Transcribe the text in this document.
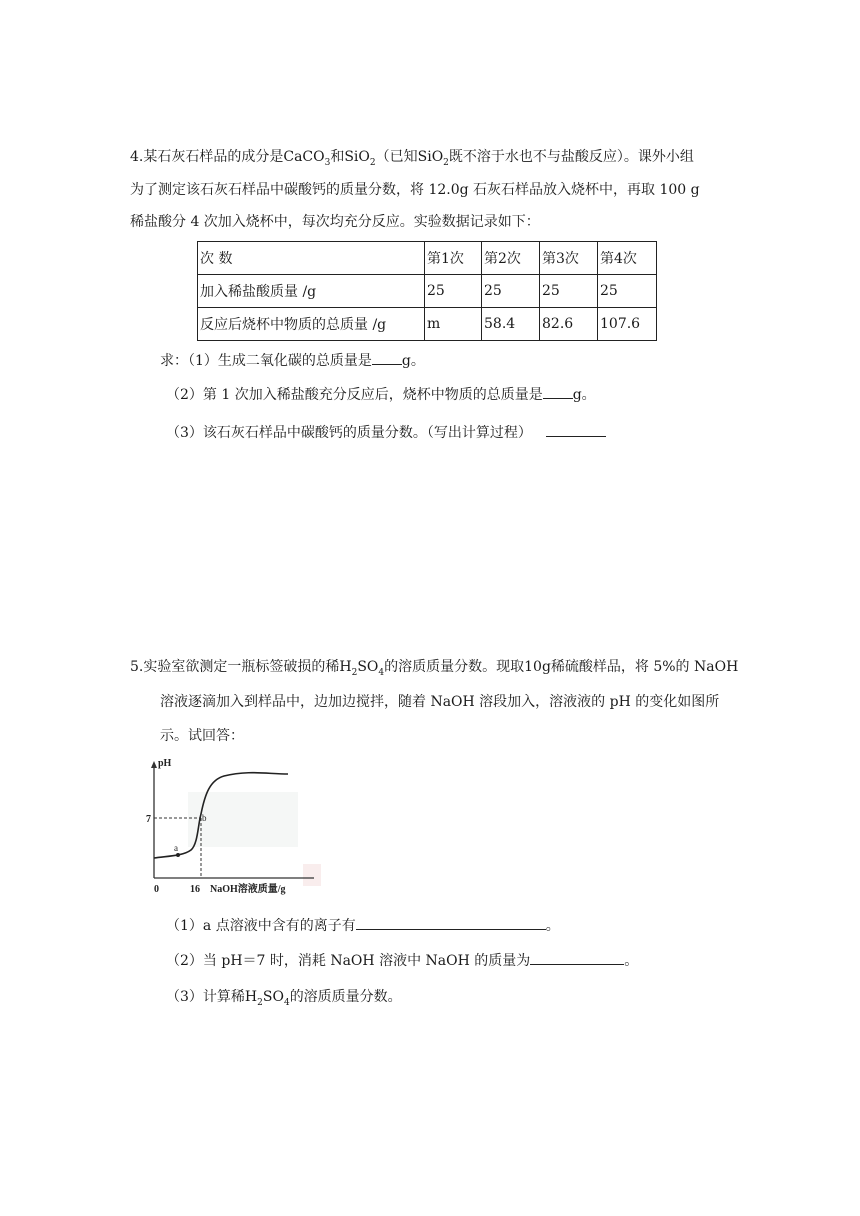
4.某石灰石样品的成分是CaCO$_3$和SiO$_2$（已知SiO$_2$既不溶于水也不与盐酸反应）。课外小组
为了测定该石灰石样品中碳酸钙的质量分数，将 12.0g 石灰石样品放入烧杯中，再取 100 g
稀盐酸分 4 次加入烧杯中，每次均充分反应。实验数据记录如下：
次 数	第1次	第2次	第3次	第4次
加入稀盐酸质量 /g	25	25	25	25
反应后烧杯中物质的总质量 /g	m	58.4	82.6	107.6
求：（1）生成二氧化碳的总质量是 g。
（2）第 1 次加入稀盐酸充分反应后，烧杯中物质的总质量是 g。
（3）该石灰石样品中碳酸钙的质量分数。（写出计算过程）
5.实验室欲测定一瓶标签破损的稀$H_2SO_4$的溶质质量分数。现取10g稀硫酸样品，将 5%的 NaOH
溶液逐滴加入到样品中，边加边搅拌，随着 NaOH 溶段加入，溶液液的 pH 的变化如图所
示。试回答：
pH
7
a
b
0	16 NaOH溶液质量/g
（1）a 点溶液中含有的离子有	。
（2）当 pH＝7 时，消耗 NaOH 溶液中 NaOH 的质量为	。
（3）计算稀$H_2SO_4$的溶质质量分数。
